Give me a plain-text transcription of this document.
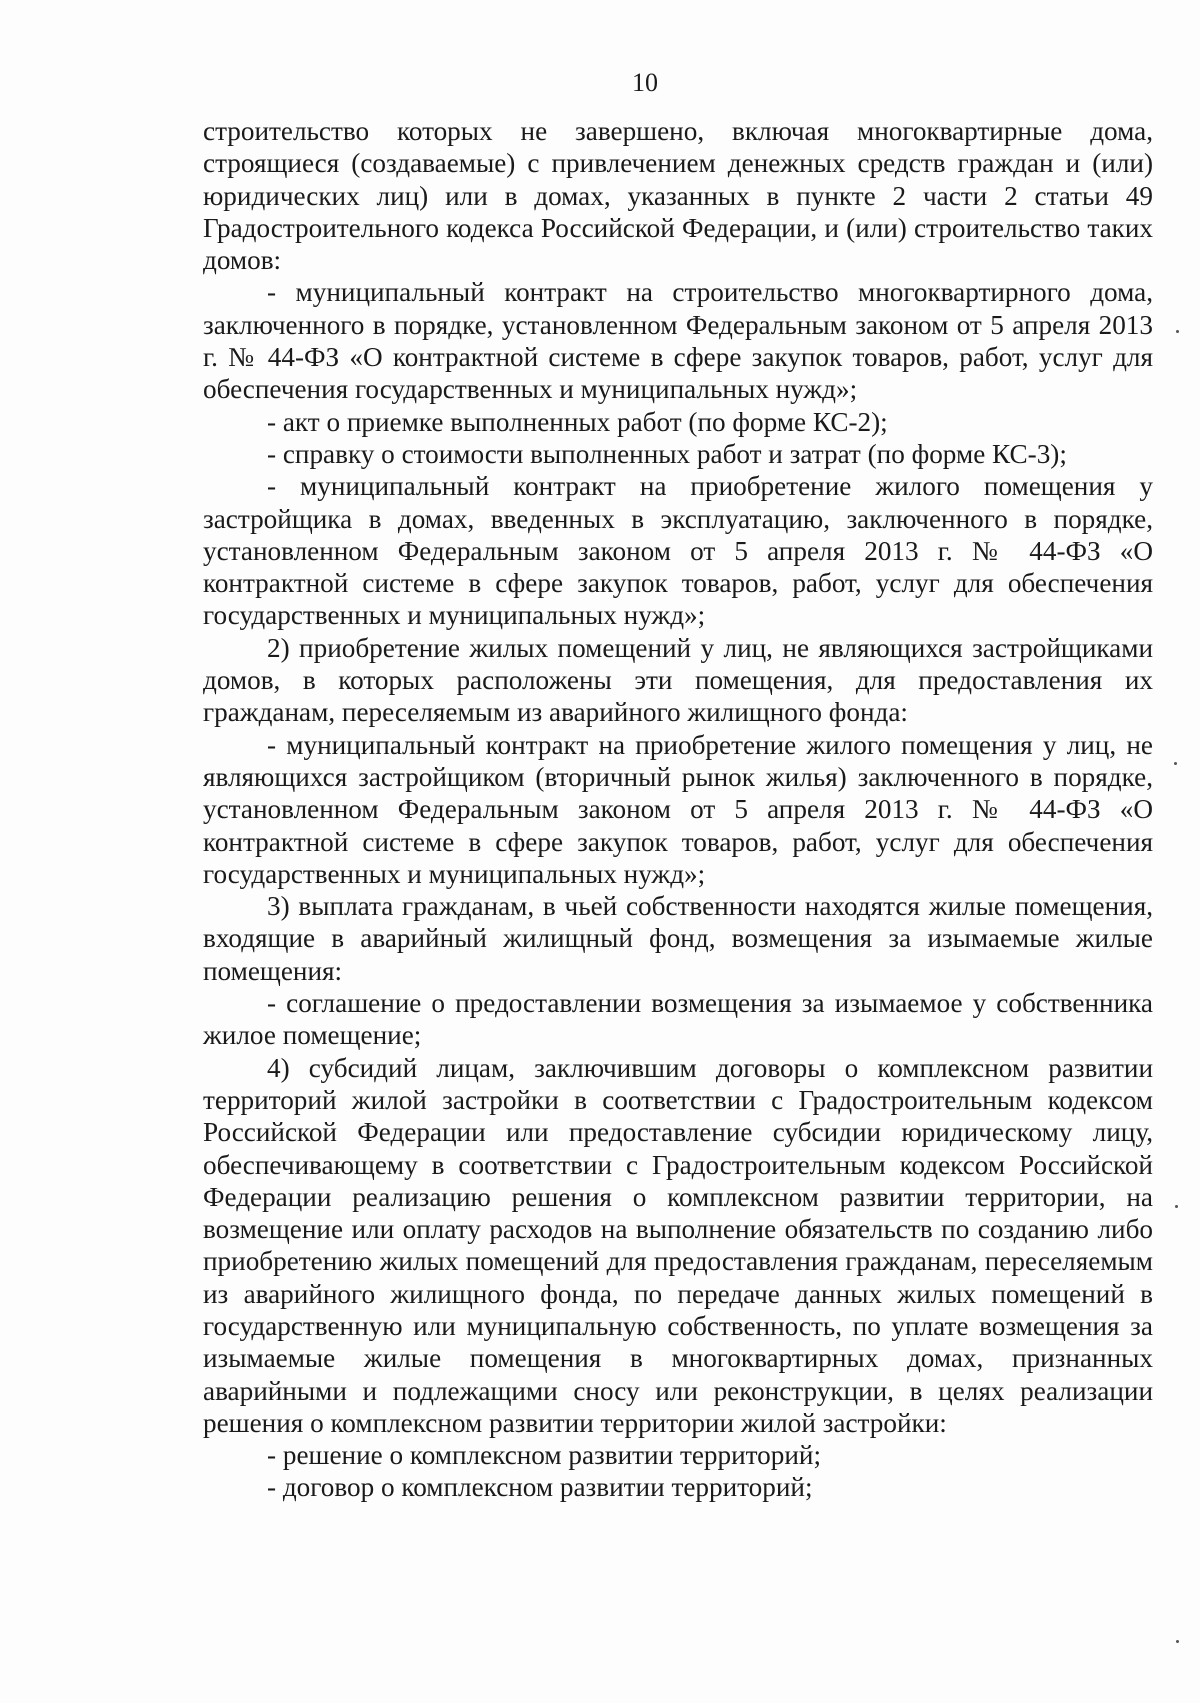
10

строительство которых не завершено, включая многоквартирные дома, строящиеся (создаваемые) с привлечением денежных средств граждан и (или) юридических лиц) или в домах, указанных в пункте 2 части 2 статьи 49 Градостроительного кодекса Российской Федерации, и (или) строительство таких домов:

- муниципальный контракт на строительство многоквартирного дома, заключенного в порядке, установленном Федеральным законом от 5 апреля 2013 г. № 44-ФЗ «О контрактной системе в сфере закупок товаров, работ, услуг для обеспечения государственных и муниципальных нужд»;

- акт о приемке выполненных работ (по форме КС-2);

- справку о стоимости выполненных работ и затрат (по форме КС-3);

- муниципальный контракт на приобретение жилого помещения у застройщика в домах, введенных в эксплуатацию, заключенного в порядке, установленном Федеральным законом от 5 апреля 2013 г. № 44-ФЗ «О контрактной системе в сфере закупок товаров, работ, услуг для обеспечения государственных и муниципальных нужд»;

2) приобретение жилых помещений у лиц, не являющихся застройщиками домов, в которых расположены эти помещения, для предоставления их гражданам, переселяемым из аварийного жилищного фонда:

- муниципальный контракт на приобретение жилого помещения у лиц, не являющихся застройщиком (вторичный рынок жилья) заключенного в порядке, установленном Федеральным законом от 5 апреля 2013 г. № 44-ФЗ «О контрактной системе в сфере закупок товаров, работ, услуг для обеспечения государственных и муниципальных нужд»;

3) выплата гражданам, в чьей собственности находятся жилые помещения, входящие в аварийный жилищный фонд, возмещения за изымаемые жилые помещения:

- соглашение о предоставлении возмещения за изымаемое у собственника жилое помещение;

4) субсидий лицам, заключившим договоры о комплексном развитии территорий жилой застройки в соответствии с Градостроительным кодексом Российской Федерации или предоставление субсидии юридическому лицу, обеспечивающему в соответствии с Градостроительным кодексом Российской Федерации реализацию решения о комплексном развитии территории, на возмещение или оплату расходов на выполнение обязательств по созданию либо приобретению жилых помещений для предоставления гражданам, переселяемым из аварийного жилищного фонда, по передаче данных жилых помещений в государственную или муниципальную собственность, по уплате возмещения за изымаемые жилые помещения в многоквартирных домах, признанных аварийными и подлежащими сносу или реконструкции, в целях реализации решения о комплексном развитии территории жилой застройки:

- решение о комплексном развитии территорий;

- договор о комплексном развитии территорий;
